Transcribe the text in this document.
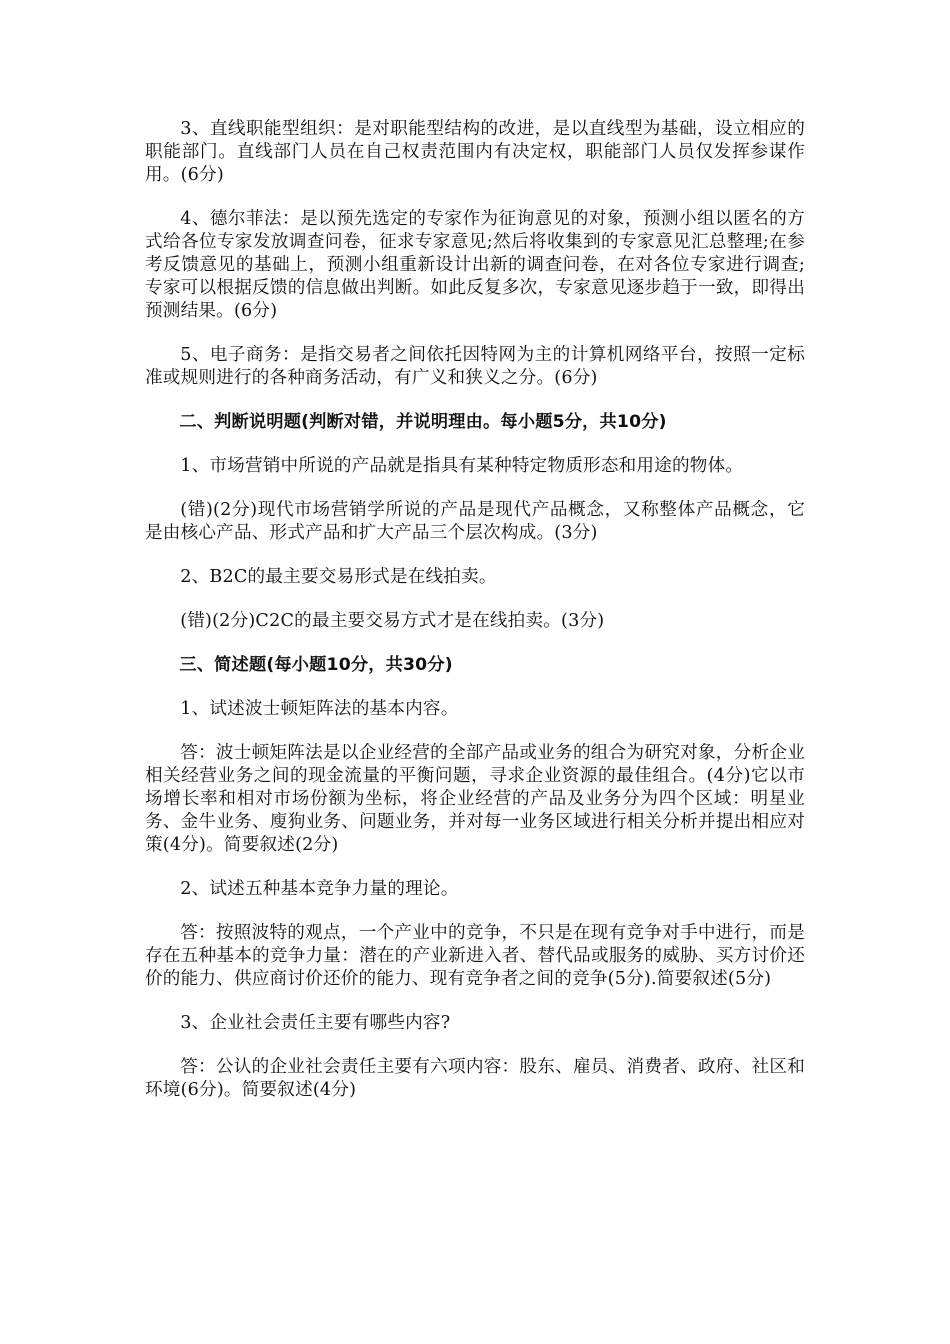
3、直线职能型组织：是对职能型结构的改进，是以直线型为基础，设立相应的职能部门。直线部门人员在自己权责范围内有决定权，职能部门人员仅发挥参谋作用。(6分)

4、德尔菲法：是以预先选定的专家作为征询意见的对象，预测小组以匿名的方式给各位专家发放调查问卷，征求专家意见;然后将收集到的专家意见汇总整理;在参考反馈意见的基础上，预测小组重新设计出新的调查问卷，在对各位专家进行调查;专家可以根据反馈的信息做出判断。如此反复多次，专家意见逐步趋于一致，即得出预测结果。(6分)

5、电子商务：是指交易者之间依托因特网为主的计算机网络平台，按照一定标准或规则进行的各种商务活动，有广义和狭义之分。(6分)

二、判断说明题(判断对错，并说明理由。每小题5分，共10分)

1、市场营销中所说的产品就是指具有某种特定物质形态和用途的物体。

(错)(2分)现代市场营销学所说的产品是现代产品概念，又称整体产品概念，它是由核心产品、形式产品和扩大产品三个层次构成。(3分)

2、B2C的最主要交易形式是在线拍卖。

(错)(2分)C2C的最主要交易方式才是在线拍卖。(3分)

三、简述题(每小题10分，共30分)

1、试述波士顿矩阵法的基本内容。

答：波士顿矩阵法是以企业经营的全部产品或业务的组合为研究对象，分析企业相关经营业务之间的现金流量的平衡问题，寻求企业资源的最佳组合。(4分)它以市场增长率和相对市场份额为坐标，将企业经营的产品及业务分为四个区域：明星业务、金牛业务、廋狗业务、问题业务，并对每一业务区域进行相关分析并提出相应对策(4分)。简要叙述(2分)

2、试述五种基本竞争力量的理论。

答：按照波特的观点，一个产业中的竞争，不只是在现有竞争对手中进行，而是存在五种基本的竞争力量：潜在的产业新进入者、替代品或服务的威胁、买方讨价还价的能力、供应商讨价还价的能力、现有竞争者之间的竞争(5分).简要叙述(5分)

3、企业社会责任主要有哪些内容?

答：公认的企业社会责任主要有六项内容：股东、雇员、消费者、政府、社区和环境(6分)。简要叙述(4分)
